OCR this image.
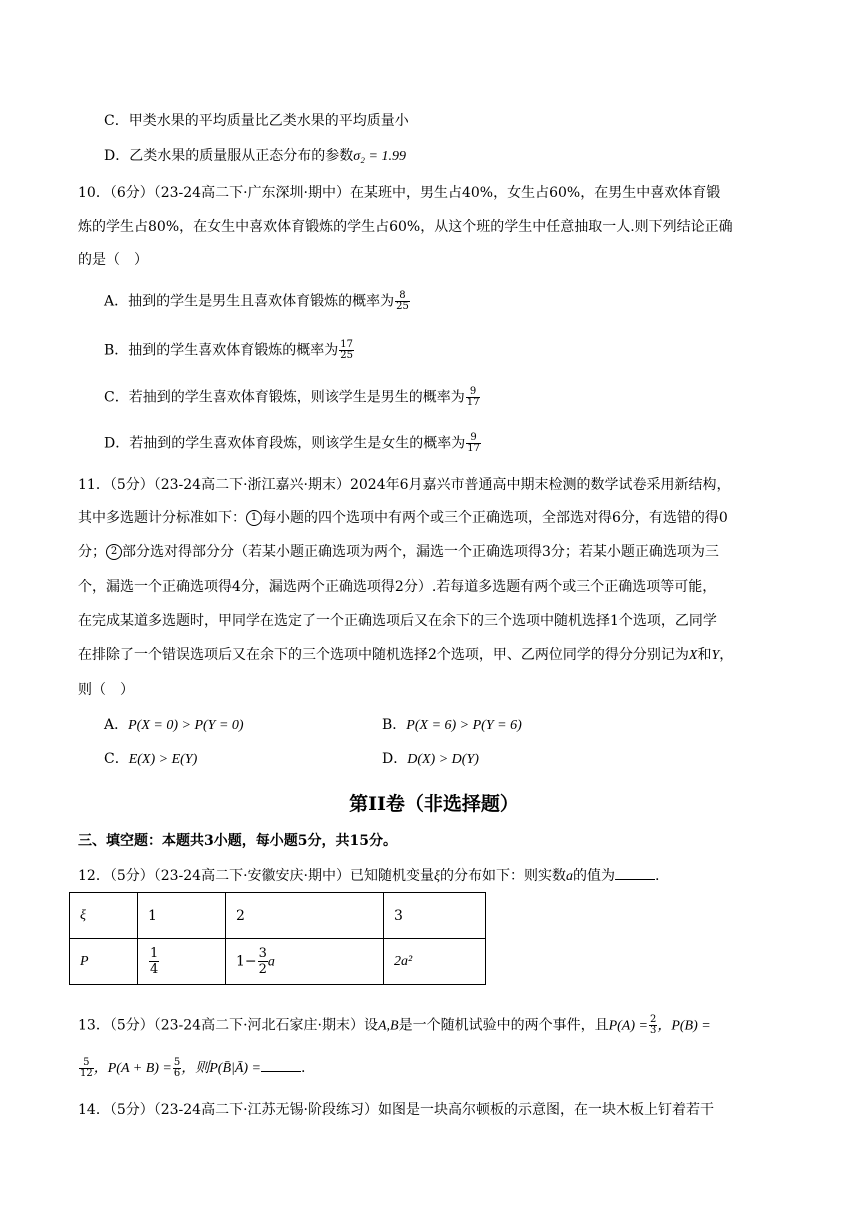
C．甲类水果的平均质量比乙类水果的平均质量小
D．乙类水果的质量服从正态分布的参数σ₂ = 1.99
10．（6分）（23-24高二下·广东深圳·期中）在某班中，男生占40%，女生占60%，在男生中喜欢体育锻
炼的学生占80%，在女生中喜欢体育锻炼的学生占60%，从这个班的学生中任意抽取一人.则下列结论正确
的是（　）
A．抽到的学生是男生且喜欢体育锻炼的概率为 $\frac{8}{25}$
B．抽到的学生喜欢体育锻炼的概率为 $\frac{17}{25}$
C．若抽到的学生喜欢体育锻炼，则该学生是男生的概率为 $\frac{9}{17}$
D．若抽到的学生喜欢体育段炼，则该学生是女生的概率为 $\frac{9}{17}$
11．（5分）（23-24高二下·浙江嘉兴·期末）2024年6月嘉兴市普通高中期末检测的数学试卷采用新结构，
其中多选题计分标准如下： 1 每小题的四个选项中有两个或三个正确选项，全部选对得6分，有选错的得0
分； 2 部分选对得部分分（若某小题正确选项为两个，漏选一个正确选项得3分；若某小题正确选项为三
个，漏选一个正确选项得4分，漏选两个正确选项得2分）.若每道多选题有两个或三个正确选项等可能，
在完成某道多选题时，甲同学在选定了一个正确选项后又在余下的三个选项中随机选择1个选项，乙同学
在排除了一个错误选项后又在余下的三个选项中随机选择2个选项，甲、乙两位同学的得分分别记为X和Y，
则（　）
A．P(X = 0) > P(Y = 0)	B．P(X = 6) > P(Y = 6)
C．E(X) > E(Y)	D．D(X) > D(Y)
第II卷（非选择题）
三、填空题：本题共3小题，每小题5分，共15分。
12．（5分）（23-24高二下·安徽安庆·期中）已知随机变量ξ的分布如下：则实数a的值为	.
ξ	1	2	3
P	$\frac{1}{4}$	$1- \frac{3}{2}$ a	2a²
13．（5分）（23-24高二下·河北石家庄·期末）设A,B是一个随机试验中的两个事件，且$P(A) = \frac{2}{3}$ ，P(B) =
$\frac{5}{12}$ ，$P(A + B) = \frac{5}{6}$ ，则P(B̄|Ā) =	.
14．（5分）（23-24高二下·江苏无锡·阶段练习）如图是一块高尔顿板的示意图，在一块木板上钉着若干
